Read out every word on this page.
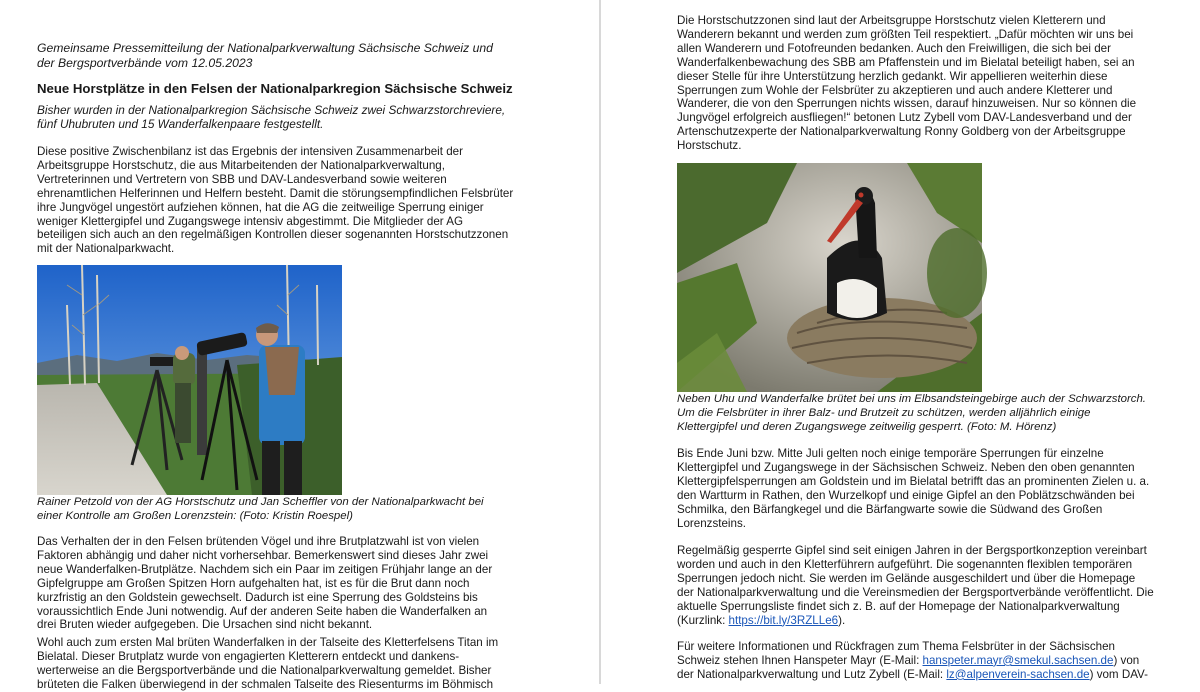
Gemeinsame Pressemitteilung der Nationalparkverwaltung Sächsische Schweiz und
der Bergsportverbände vom 12.05.2023

Neue Horstplätze in den Felsen der Nationalparkregion Sächsische Schweiz

Bisher wurden in der Nationalparkregion Sächsische Schweiz zwei Schwarzstorchreviere,
fünf Uhubruten und 15 Wanderfalkenpaare festgestellt.

Diese positive Zwischenbilanz ist das Ergebnis der intensiven Zusammenarbeit der
Arbeitsgruppe Horstschutz, die aus Mitarbeitenden der Nationalparkverwaltung,
Vertreterinnen und Vertretern von SBB und DAV-Landesverband sowie weiteren
ehrenamtlichen Helferinnen und Helfern besteht. Damit die störungsempfindlichen Felsbrüter
ihre Jungvögel ungestört aufziehen können, hat die AG die zeitweilige Sperrung einiger
weniger Klettergipfel und Zugangswege intensiv abgestimmt. Die Mitglieder der AG
beteiligen sich auch an den regelmäßigen Kontrollen dieser sogenannten Horstschutzzonen
mit der Nationalparkwacht.

Rainer Petzold von der AG Horstschutz und Jan Scheffler von der Nationalparkwacht bei
einer Kontrolle am Großen Lorenzstein: (Foto: Kristin Roespel)

Das Verhalten der in den Felsen brütenden Vögel und ihre Brutplatzwahl ist von vielen
Faktoren abhängig und daher nicht vorhersehbar. Bemerkenswert sind dieses Jahr zwei
neue Wanderfalken-Brutplätze. Nachdem sich ein Paar im zeitigen Frühjahr lange an der
Gipfelgruppe am Großen Spitzen Horn aufgehalten hat, ist es für die Brut dann noch
kurzfristig an den Goldstein gewechselt. Dadurch ist eine Sperrung des Goldsteins bis
voraussichtlich Ende Juni notwendig. Auf der anderen Seite haben die Wanderfalken an
drei Bruten wieder aufgegeben. Die Ursachen sind nicht bekannt.

Wohl auch zum ersten Mal brüten Wanderfalken in der Talseite des Kletterfelsens Titan im
Bielatal. Dieser Brutplatz wurde von engagierten Kletterern entdeckt und dankens-
werterweise an die Bergsportverbände und die Nationalparkverwaltung gemeldet. Bisher
brüteten die Falken überwiegend in der schmalen Talseite des Riesenturms im Böhmisch

Die Horstschutzzonen sind laut der Arbeitsgruppe Horstschutz vielen Kletterern und
Wanderern bekannt und werden zum größten Teil respektiert. „Dafür möchten wir uns bei
allen Wanderern und Fotofreunden bedanken. Auch den Freiwilligen, die sich bei der
Wanderfalkenbewachung des SBB am Pfaffenstein und im Bielatal beteiligt haben, sei an
dieser Stelle für ihre Unterstützung herzlich gedankt. Wir appellieren weiterhin diese
Sperrungen zum Wohle der Felsbrüter zu akzeptieren und auch andere Kletterer und
Wanderer, die von den Sperrungen nichts wissen, darauf hinzuweisen. Nur so können die
Jungvögel erfolgreich ausfliegen!“ betonen Lutz Zybell vom DAV-Landesverband und der
Artenschutzexperte der Nationalparkverwaltung Ronny Goldberg von der Arbeitsgruppe
Horstschutz.

Neben Uhu und Wanderfalke brütet bei uns im Elbsandsteingebirge auch der Schwarzstorch.
Um die Felsbrüter in ihrer Balz- und Brutzeit zu schützen, werden alljährlich einige
Klettergipfel und deren Zugangswege zeitweilig gesperrt. (Foto: M. Hörenz)

Bis Ende Juni bzw. Mitte Juli gelten noch einige temporäre Sperrungen für einzelne
Klettergipfel und Zugangswege in der Sächsischen Schweiz. Neben den oben genannten
Klettergipfelsperrungen am Goldstein und im Bielatal betrifft das an prominenten Zielen u. a.
den Wartturm in Rathen, den Wurzelkopf und einige Gipfel an den Poblätzschwänden bei
Schmilka, den Bärfangkegel und die Bärfangwarte sowie die Südwand des Großen
Lorenzsteins.

Regelmäßig gesperrte Gipfel sind seit einigen Jahren in der Bergsportkonzeption vereinbart
worden und auch in den Kletterführern aufgeführt. Die sogenannten flexiblen temporären
Sperrungen jedoch nicht. Sie werden im Gelände ausgeschildert und über die Homepage
der Nationalparkverwaltung und die Vereinsmedien der Bergsportverbände veröffentlicht. Die
aktuelle Sperrungsliste findet sich z. B. auf der Homepage der Nationalparkverwaltung
(Kurzlink: https://bit.ly/3RZLLe6).

Für weitere Informationen und Rückfragen zum Thema Felsbrüter in der Sächsischen
Schweiz stehen Ihnen Hanspeter Mayr (E-Mail: hanspeter.mayr@smekul.sachsen.de) von
der Nationalparkverwaltung und Lutz Zybell (E-Mail: lz@alpenverein-sachsen.de) vom DAV-
